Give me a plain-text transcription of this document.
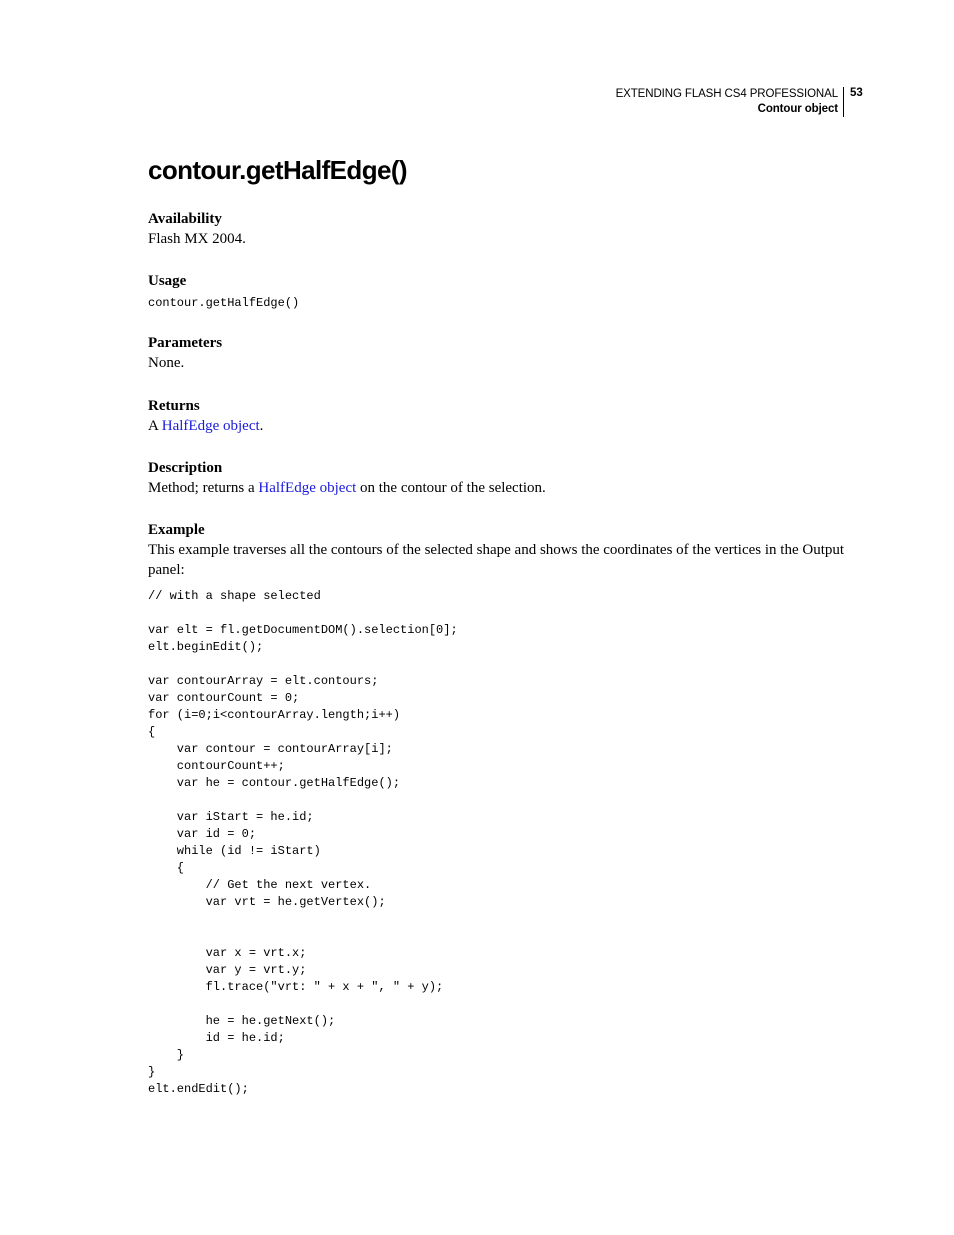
EXTENDING FLASH CS4 PROFESSIONAL
Contour object
53
contour.getHalfEdge()

Availability

Flash MX 2004.

Usage

contour.getHalfEdge()

Parameters

None.

Returns

A HalfEdge object.

Description

Method; returns a HalfEdge object on the contour of the selection.

Example

This example traverses all the contours of the selected shape and shows the coordinates of the vertices in the Output panel:

// with a shape selected

var elt = fl.getDocumentDOM().selection[0];
elt.beginEdit();

var contourArray = elt.contours;
var contourCount = 0;
for (i=0;i<contourArray.length;i++)
{
var contour = contourArray[i];
contourCount++;
var he = contour.getHalfEdge();

var iStart = he.id;
var id = 0;
while (id != iStart)
{
// Get the next vertex.
var vrt = he.getVertex();

var x = vrt.x;
var y = vrt.y;
fl.trace("vrt: " + x + ", " + y);

he = he.getNext();
id = he.id;
}
}
elt.endEdit();
